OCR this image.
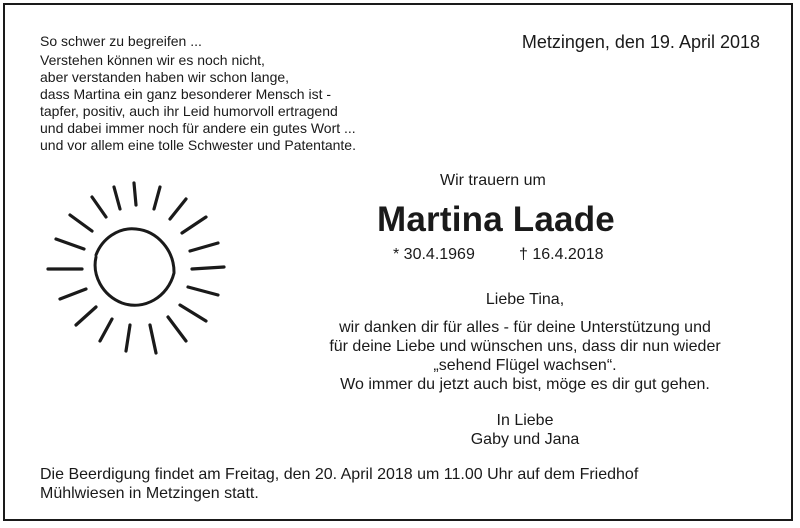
So schwer zu begreifen ...
Verstehen können wir es noch nicht,
aber verstanden haben wir schon lange,
dass Martina ein ganz besonderer Mensch ist -
tapfer, positiv, auch ihr Leid humorvoll ertragend
und dabei immer noch für andere ein gutes Wort ...
und vor allem eine tolle Schwester und Patentante.
Metzingen, den 19. April 2018
Wir trauern um
Martina Laade
* 30.4.1969	† 16.4.2018
Liebe Tina,
wir danken dir für alles - für deine Unterstützung und
für deine Liebe und wünschen uns, dass dir nun wieder
„sehend Flügel wachsen“.
Wo immer du jetzt auch bist, möge es dir gut gehen.
In Liebe
Gaby und Jana
Die Beerdigung findet am Freitag, den 20. April 2018 um 11.00 Uhr auf dem Friedhof
Mühlwiesen in Metzingen statt.
